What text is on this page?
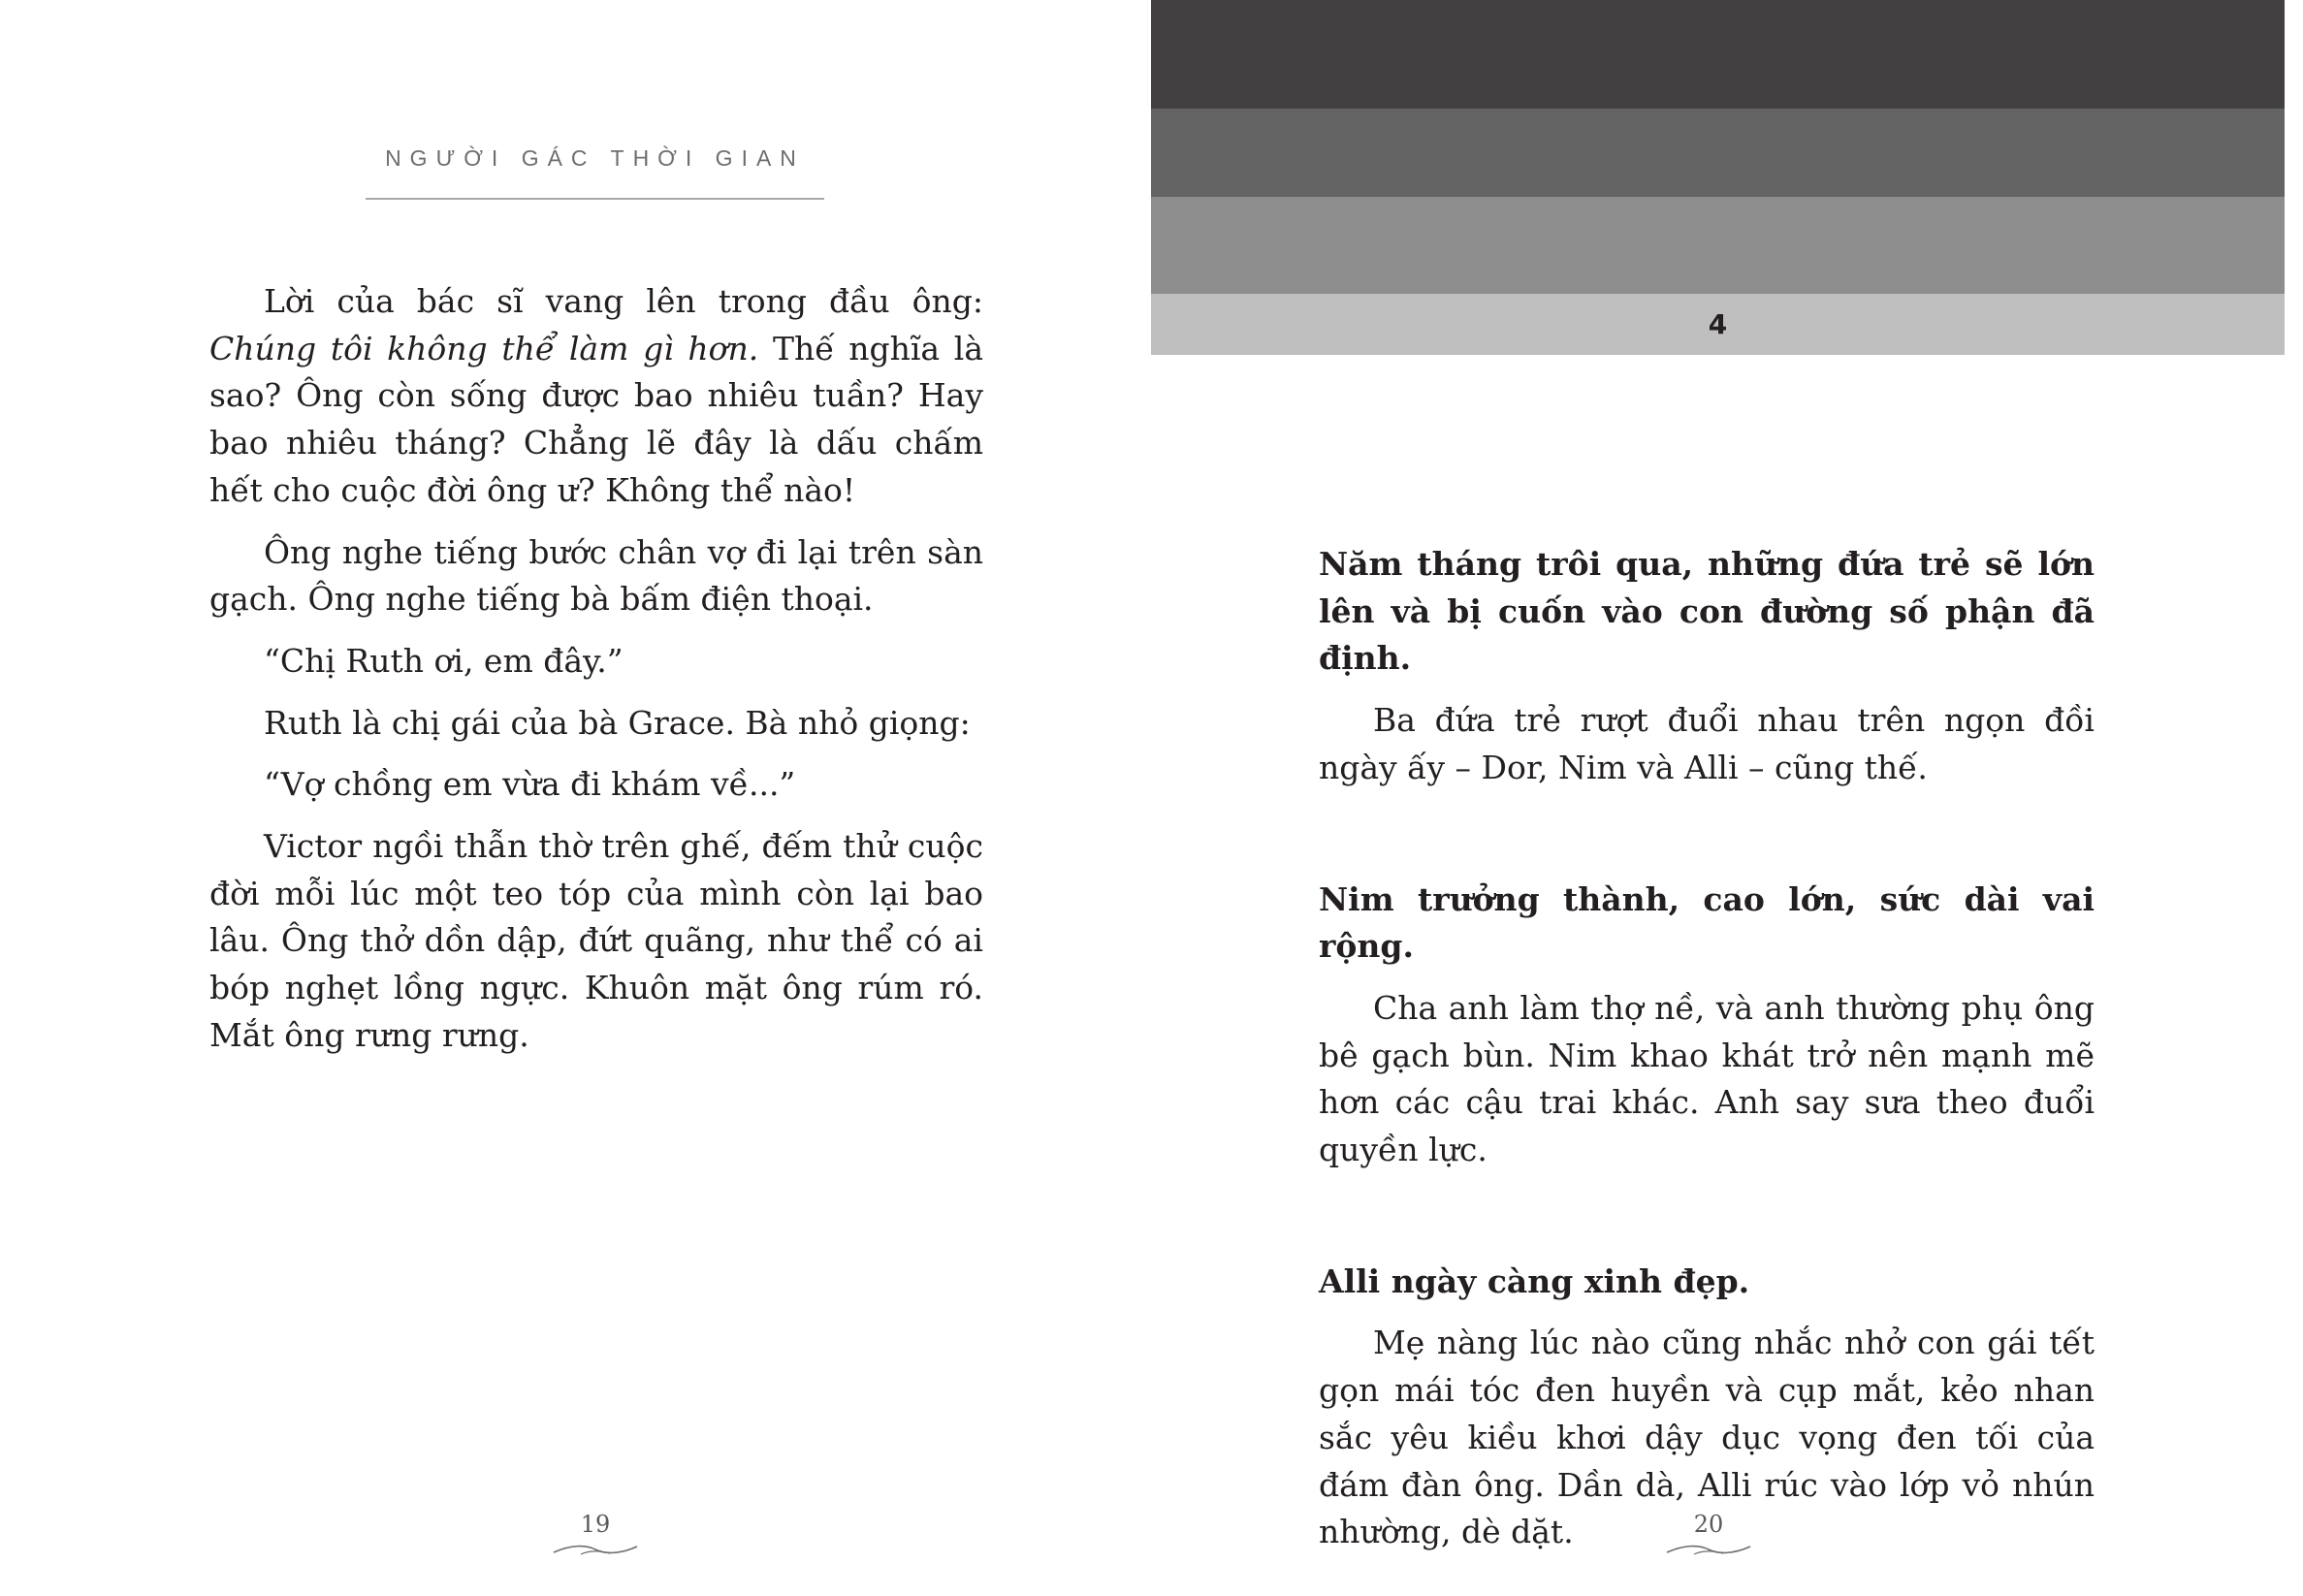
NGƯỜI GÁC THỜI GIAN

Lời của bác sĩ vang lên trong đầu ông: Chúng tôi không thể làm gì hơn. Thế nghĩa là sao? Ông còn sống được bao nhiêu tuần? Hay bao nhiêu tháng? Chẳng lẽ đây là dấu chấm hết cho cuộc đời ông ư? Không thể nào!

Ông nghe tiếng bước chân vợ đi lại trên sàn gạch. Ông nghe tiếng bà bấm điện thoại.

“Chị Ruth ơi, em đây.”

Ruth là chị gái của bà Grace. Bà nhỏ giọng:

“Vợ chồng em vừa đi khám về...”

Victor ngồi thẫn thờ trên ghế, đếm thử cuộc đời mỗi lúc một teo tóp của mình còn lại bao lâu. Ông thở dồn dập, đứt quãng, như thể có ai bóp nghẹt lồng ngực. Khuôn mặt ông rúm ró. Mắt ông rưng rưng.

19
4

Năm tháng trôi qua, những đứa trẻ sẽ lớn lên và bị cuốn vào con đường số phận đã định.

Ba đứa trẻ rượt đuổi nhau trên ngọn đồi ngày ấy – Dor, Nim và Alli – cũng thế.

Nim trưởng thành, cao lớn, sức dài vai rộng.

Cha anh làm thợ nề, và anh thường phụ ông bê gạch bùn. Nim khao khát trở nên mạnh mẽ hơn các cậu trai khác. Anh say sưa theo đuổi quyền lực.

Alli ngày càng xinh đẹp.

Mẹ nàng lúc nào cũng nhắc nhở con gái tết gọn mái tóc đen huyền và cụp mắt, kẻo nhan sắc yêu kiều khơi dậy dục vọng đen tối của đám đàn ông. Dần dà, Alli rúc vào lớp vỏ nhún nhường, dè dặt.	20
